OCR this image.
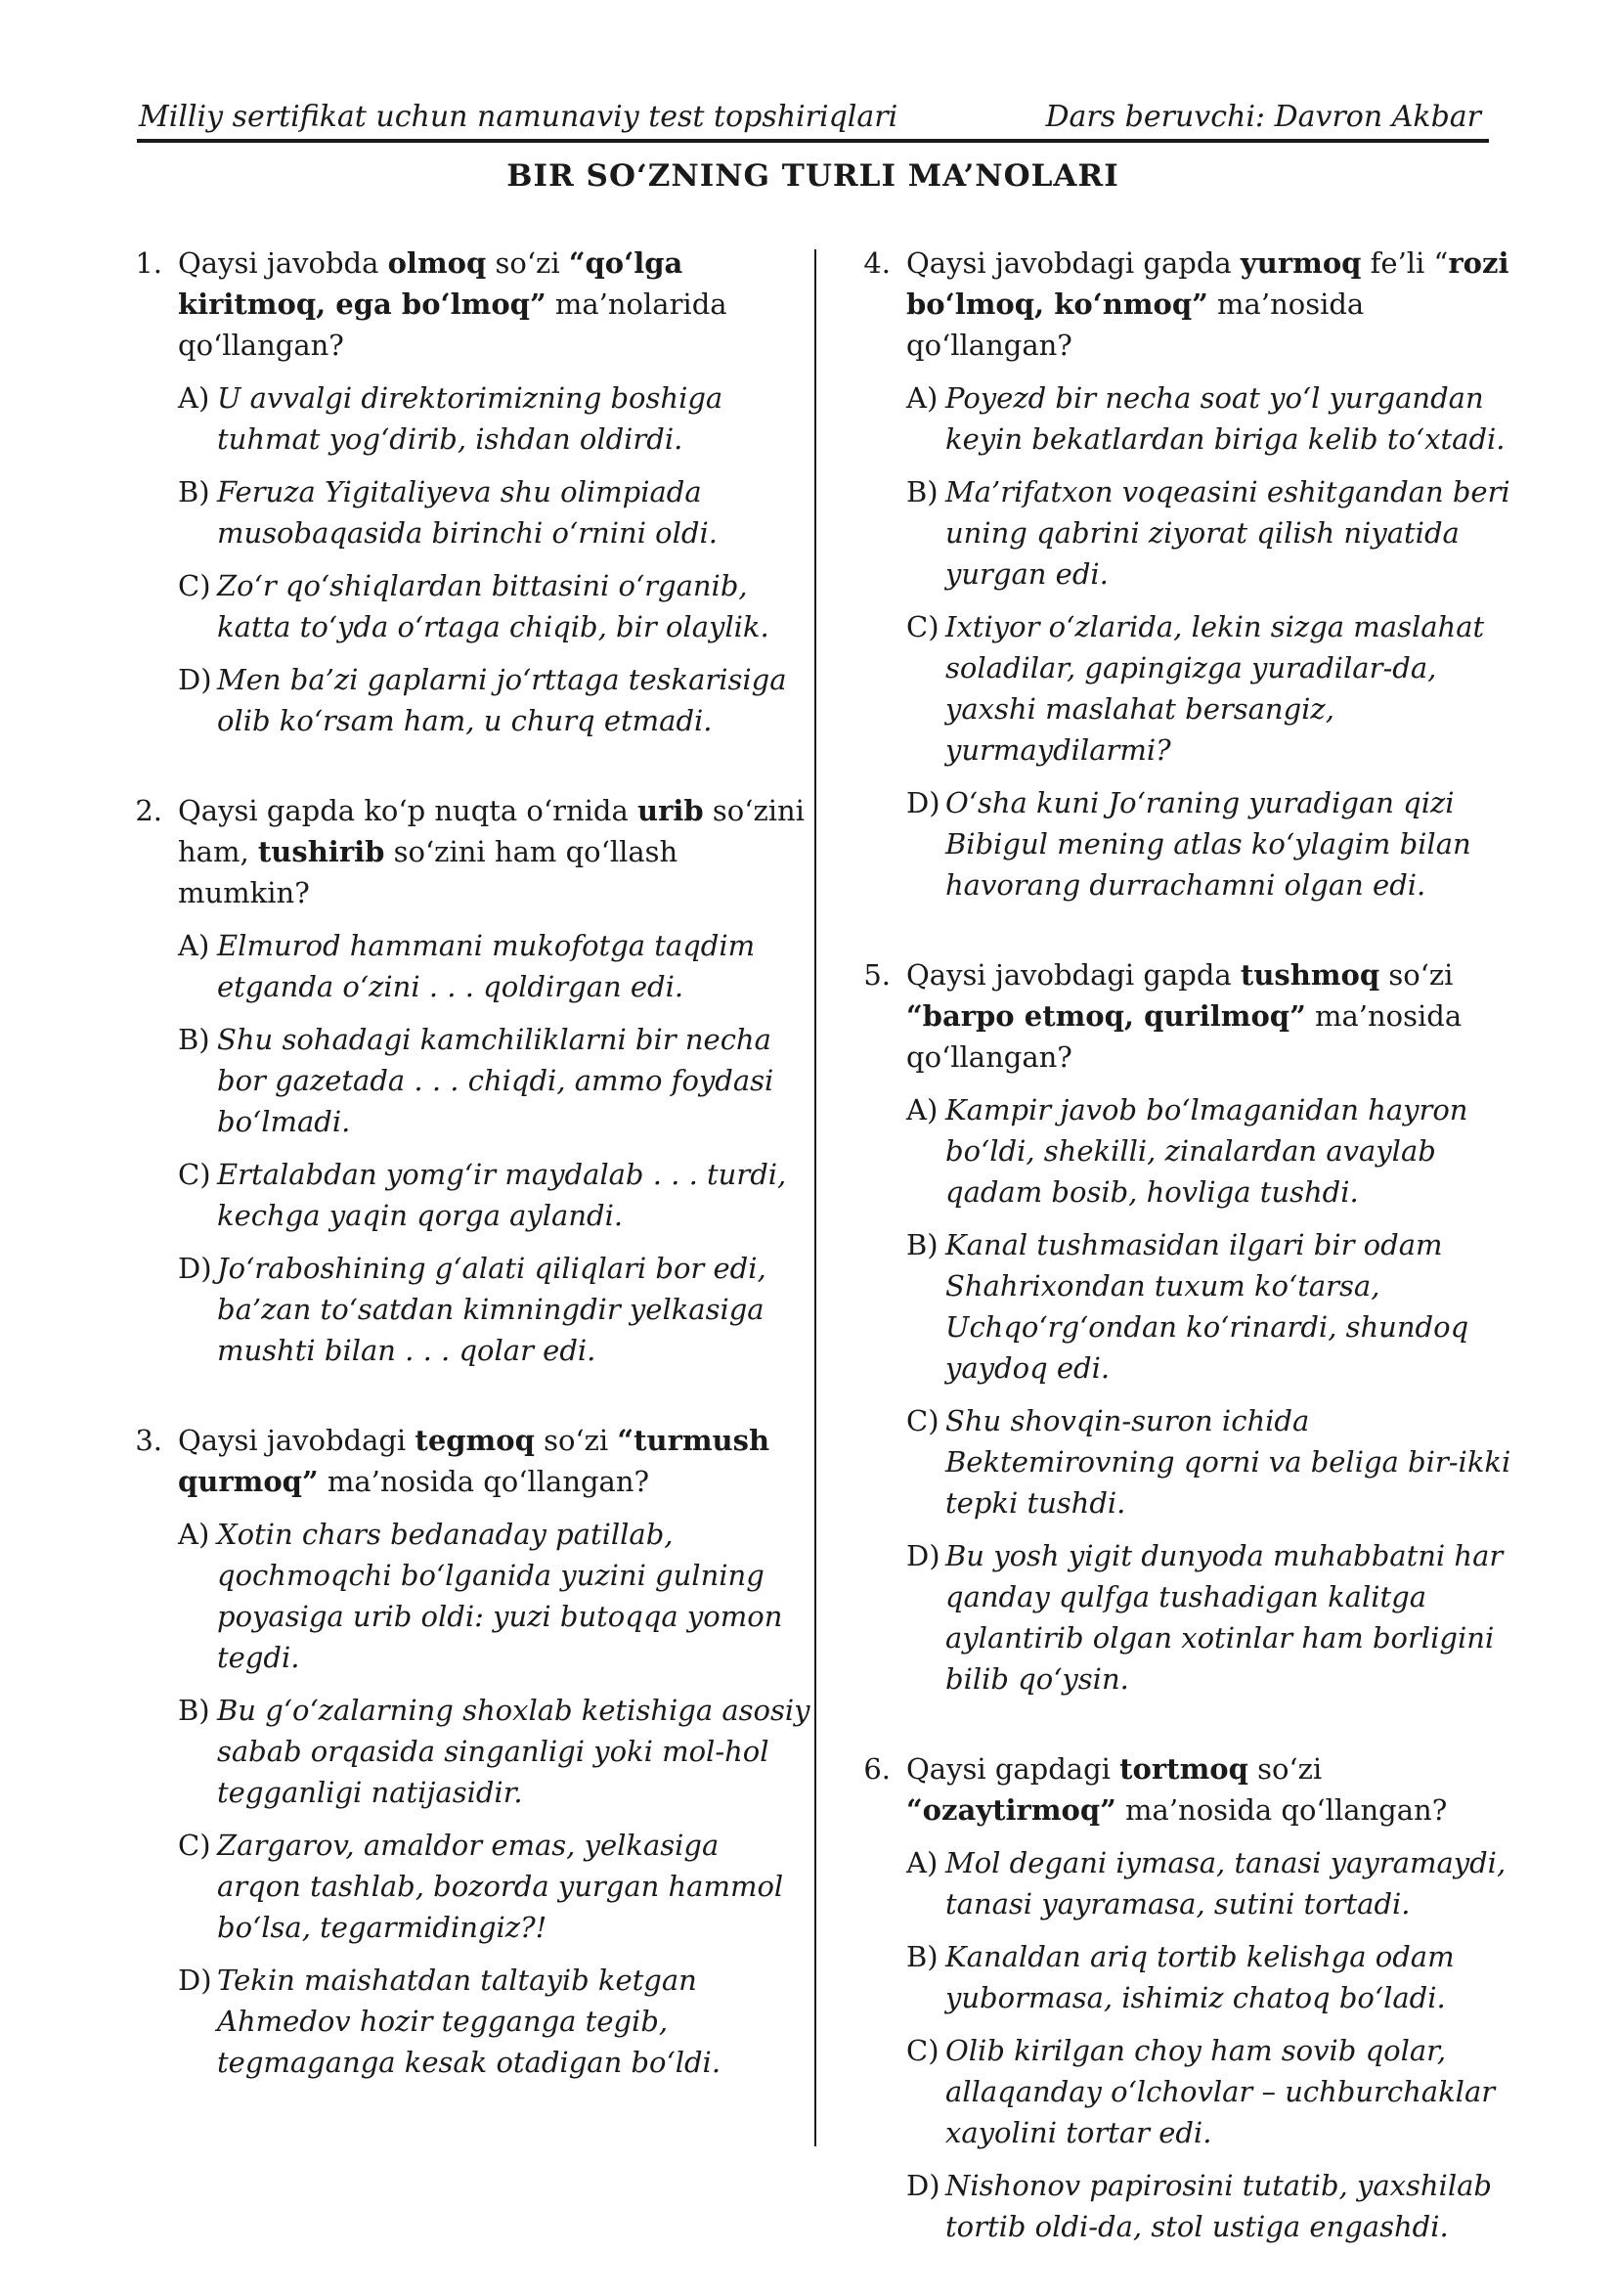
Milliy sertifikat uchun namunaviy test topshiriqlari	Dars beruvchi: Davron Akbar
BIR SO‘ZNING TURLI MA’NOLARI
1. Qaysi javobda olmoq so‘zi “qo‘lga kiritmoq, ega bo‘lmoq” ma’nolarida qo‘llangan?
A) U avvalgi direktorimizning boshiga tuhmat yog‘dirib, ishdan oldirdi.
B) Feruza Yigitaliyeva shu olimpiada musobaqasida birinchi o‘rnini oldi.
C) Zo‘r qo‘shiqlardan bittasini o‘rganib, katta to‘yda o‘rtaga chiqib, bir olaylik.
D) Men ba’zi gaplarni jo‘rttaga teskarisiga olib ko‘rsam ham, u churq etmadi.
2. Qaysi gapda ko‘p nuqta o‘rnida urib so‘zini ham, tushirib so‘zini ham qo‘llash mumkin?
A) Elmurod hammani mukofotga taqdim etganda o‘zini . . . qoldirgan edi.
B) Shu sohadagi kamchiliklarni bir necha bor gazetada . . . chiqdi, ammo foydasi bo‘lmadi.
C) Ertalabdan yomg‘ir maydalab . . . turdi, kechga yaqin qorga aylandi.
D) Jo‘raboshining g‘alati qiliqlari bor edi, ba’zan to‘satdan kimningdir yelkasiga mushti bilan . . . qolar edi.
3. Qaysi javobdagi tegmoq so‘zi “turmush qurmoq” ma’nosida qo‘llangan?
A) Xotin chars bedanaday patillab, qochmoqchi bo‘lganida yuzini gulning poyasiga urib oldi: yuzi butoqqa yomon tegdi.
B) Bu g‘o‘zalarning shoxlab ketishiga asosiy sabab orqasida singanligi yoki mol-hol tegganligi natijasidir.
C) Zargarov, amaldor emas, yelkasiga arqon tashlab, bozorda yurgan hammol bo‘lsa, tegarmidingiz?!
D) Tekin maishatdan taltayib ketgan Ahmedov hozir tegganga tegib, tegmaganga kesak otadigan bo‘ldi.
4. Qaysi javobdagi gapda yurmoq fe’li “rozi bo‘lmoq, ko‘nmoq” ma’nosida qo‘llangan?
A) Poyezd bir necha soat yo‘l yurgandan keyin bekatlardan biriga kelib to‘xtadi.
B) Ma’rifatxon voqeasini eshitgandan beri uning qabrini ziyorat qilish niyatida yurgan edi.
C) Ixtiyor o‘zlarida, lekin sizga maslahat soladilar, gapingizga yuradilar-da, yaxshi maslahat bersangiz, yurmaydilarmi?
D) O‘sha kuni Jo‘raning yuradigan qizi Bibigul mening atlas ko‘ylagim bilan havorang durrachamni olgan edi.
5. Qaysi javobdagi gapda tushmoq so‘zi “barpo etmoq, qurilmoq” ma’nosida qo‘llangan?
A) Kampir javob bo‘lmaganidan hayron bo‘ldi, shekilli, zinalardan avaylab qadam bosib, hovliga tushdi.
B) Kanal tushmasidan ilgari bir odam Shahrixondan tuxum ko‘tarsa, Uchqo‘rg‘ondan ko‘rinardi, shundoq yaydoq edi.
C) Shu shovqin-suron ichida Bektemirovning qorni va beliga bir-ikki tepki tushdi.
D) Bu yosh yigit dunyoda muhabbatni har qanday qulfga tushadigan kalitga aylantirib olgan xotinlar ham borligini bilib qo‘ysin.
6. Qaysi gapdagi tortmoq so‘zi “ozaytirmoq” ma’nosida qo‘llangan?
A) Mol degani iymasa, tanasi yayramaydi, tanasi yayramasa, sutini tortadi.
B) Kanaldan ariq tortib kelishga odam yubormasa, ishimiz chatoq bo‘ladi.
C) Olib kirilgan choy ham sovib qolar, allaqanday o‘lchovlar – uchburchaklar xayolini tortar edi.
D) Nishonov papirosini tutatib, yaxshilab tortib oldi-da, stol ustiga engashdi.
